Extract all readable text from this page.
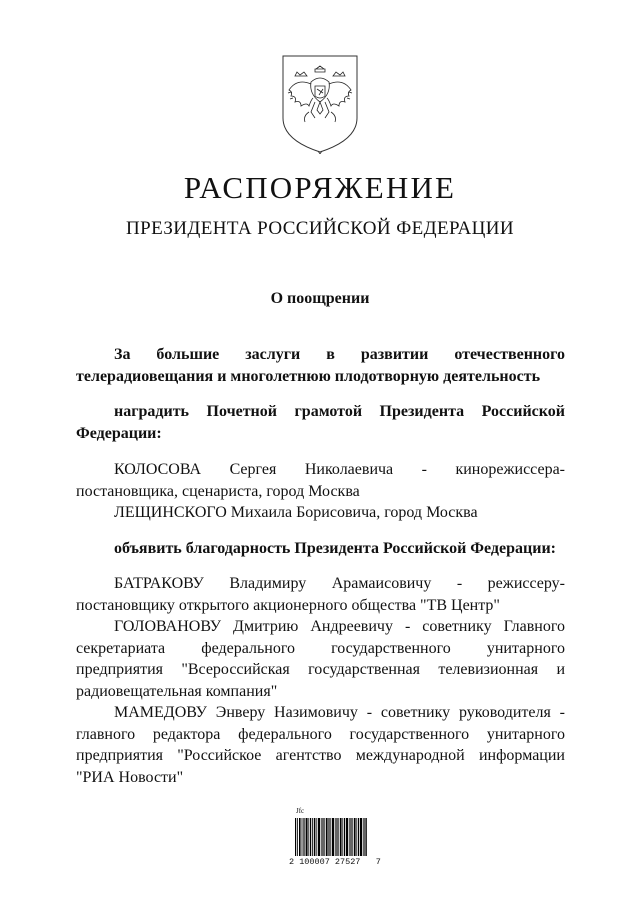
РАСПОРЯЖЕНИЕ
ПРЕЗИДЕНТА РОССИЙСКОЙ ФЕДЕРАЦИИ
О поощрении
За большие заслуги в развитии отечественного
телерадиовещания и многолетнюю плодотворную деятельность
наградить Почетной грамотой Президента Российской
Федерации:
КОЛОСОВА Сергея Николаевича - кинорежиссера-
постановщика, сценариста, город Москва
ЛЕЩИНСКОГО Михаила Борисовича, город Москва
объявить благодарность Президента Российской Федерации:
БАТРАКОВУ Владимиру Арамаисовичу - режиссеру-
постановщику открытого акционерного общества "ТВ Центр"
ГОЛОВАНОВУ Дмитрию Андреевичу - советнику Главного
секретариата федерального государственного унитарного
предприятия "Всероссийская государственная телевизионная и
радиовещательная компания"
МАМЕДОВУ Энверу Назимовичу - советнику руководителя -
главного редактора федерального государственного унитарного
предприятия "Российское агентство международной информации
"РИА Новости"
2 100007 27527   7
Jfc
